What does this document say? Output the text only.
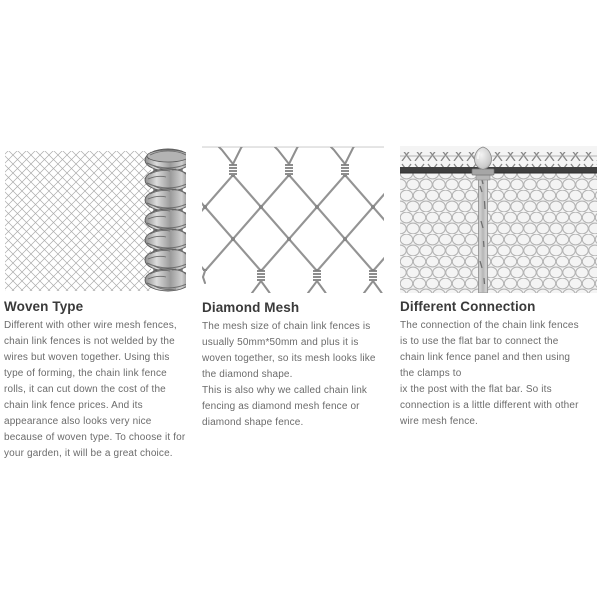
Woven Type
Different with other wire mesh fences,
chain link fences is not welded by the
wires but woven together. Using this
type of forming, the chain link fence
rolls, it can cut down the cost of the
chain link fence prices. And its
appearance also looks very nice
because of woven type. To choose it for
your garden, it will be a great choice.
Diamond Mesh
The mesh size of chain link fences is
usually 50mm*50mm and plus it is
woven together, so its mesh looks like
the diamond shape.
This is also why we called chain link
fencing as diamond mesh fence or
diamond shape fence.
Different Connection
The connection of the chain link fences
is to use the flat bar to connect the
chain link fence panel and then using
the clamps to
ix the post with the flat bar. So its
connection is a little different with other
wire mesh fence.
